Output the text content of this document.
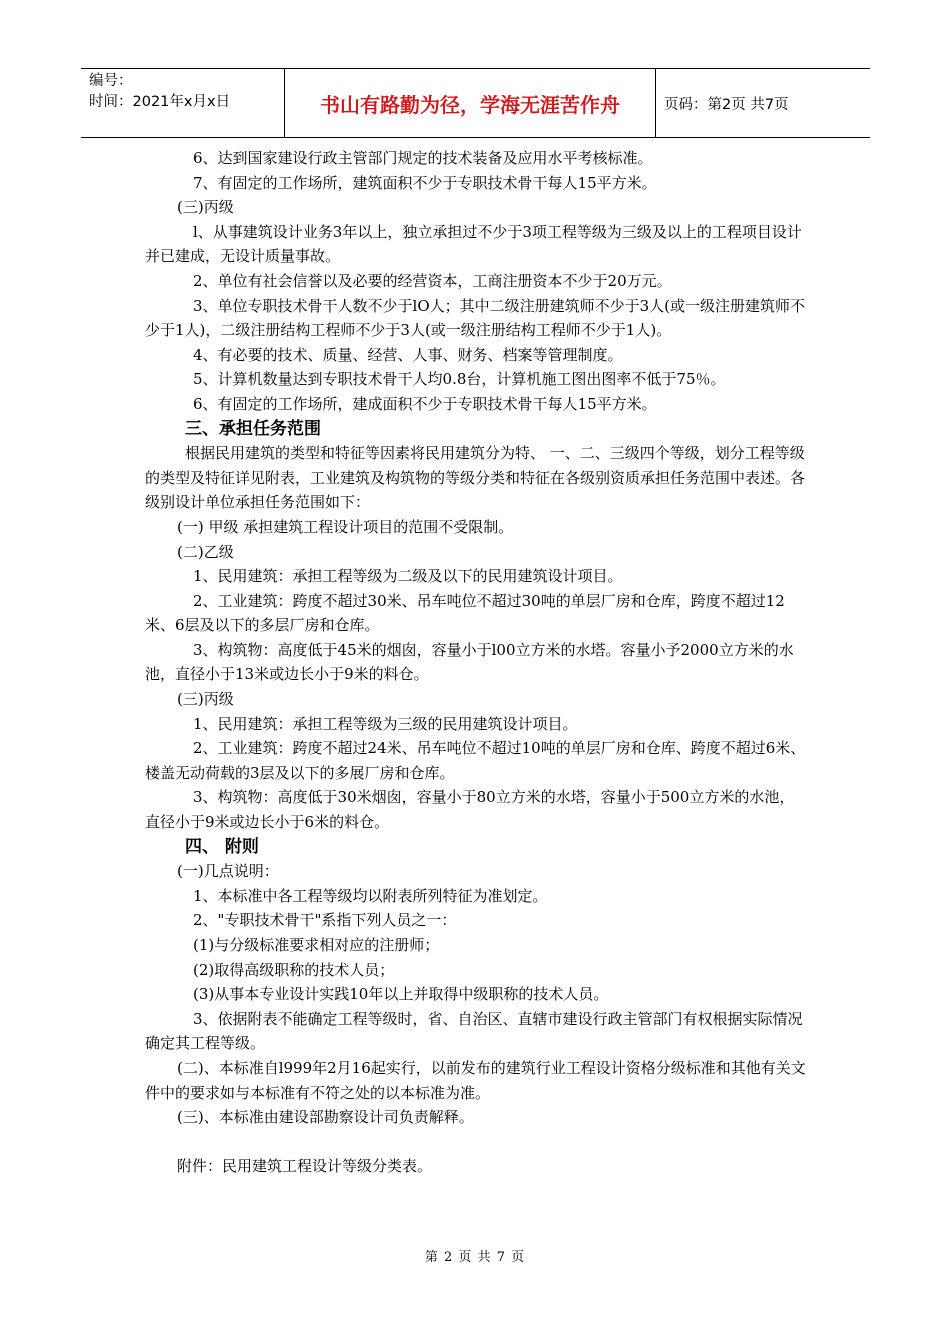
编号：
时间：2021年x月x日	书山有路勤为径，学海无涯苦作舟	页码：第2页 共7页

6、达到国家建设行政主管部门规定的技术装备及应用水平考核标准。

7、有固定的工作场所，建筑面积不少于专职技术骨干每人15平方米。

(三)丙级

l、从事建筑设计业务3年以上，独立承担过不少于3项工程等级为三级及以上的工程项目设计并已建成，无设计质量事故。

2、单位有社会信誉以及必要的经营资本，工商注册资本不少于20万元。

3、单位专职技术骨干人数不少于lO人；其中二级注册建筑师不少于3人(或一级注册建筑师不少于1人)，二级注册结构工程师不少于3人(或一级注册结构工程师不少于1人)。

4、有必要的技术、质量、经营、人事、财务、档案等管理制度。

5、计算机数量达到专职技术骨干人均0.8台，计算机施工图出图率不低于75％。

6、有固定的工作场所，建成面积不少于专职技术骨干每人15平方米。

三、承担任务范围

根据民用建筑的类型和特征等因素将民用建筑分为特、 一、二、三级四个等级，划分工程等级的类型及特征详见附表，工业建筑及构筑物的等级分类和特征在各级别资质承担任务范围中表述。各级别设计单位承担任务范围如下：

(一) 甲级 承担建筑工程设计项目的范围不受限制。

(二)乙级

1、民用建筑：承担工程等级为二级及以下的民用建筑设计项目。

2、工业建筑：跨度不超过30米、吊车吨位不超过30吨的单层厂房和仓库，跨度不超过12米、6层及以下的多层厂房和仓库。

3、构筑物：高度低于45米的烟囱，容量小于l00立方米的水塔。容量小予2000立方米的水池，直径小于13米或边长小于9米的料仓。

(三)丙级

1、民用建筑：承担工程等级为三级的民用建筑设计项目。

2、工业建筑：跨度不超过24米、吊车吨位不超过10吨的单层厂房和仓库、跨度不超过6米、楼盖无动荷载的3层及以下的多展厂房和仓库。

3、构筑物：高度低于30米烟囱，容量小于80立方米的水塔，容量小于500立方米的水池，直径小于9米或边长小于6米的料仓。

四、 附则

(一)几点说明：

1、本标准中各工程等级均以附表所列特征为准划定。

2、"专职技术骨干"系指下列人员之一：

(1)与分级标准要求相对应的注册师；

(2)取得高级职称的技术人员；

(3)从事本专业设计实践10年以上并取得中级职称的技术人员。

3、依据附表不能确定工程等级时，省、自治区、直辖市建设行政主管部门有权根据实际情况确定其工程等级。

(二)、本标准自l999年2月16起实行，以前发布的建筑行业工程设计资格分级标准和其他有关文件中的要求如与本标准有不符之处的以本标准为准。

(三)、本标准由建设部勘察设计司负责解释。

附件：民用建筑工程设计等级分类表。

第 2 页 共 7 页
